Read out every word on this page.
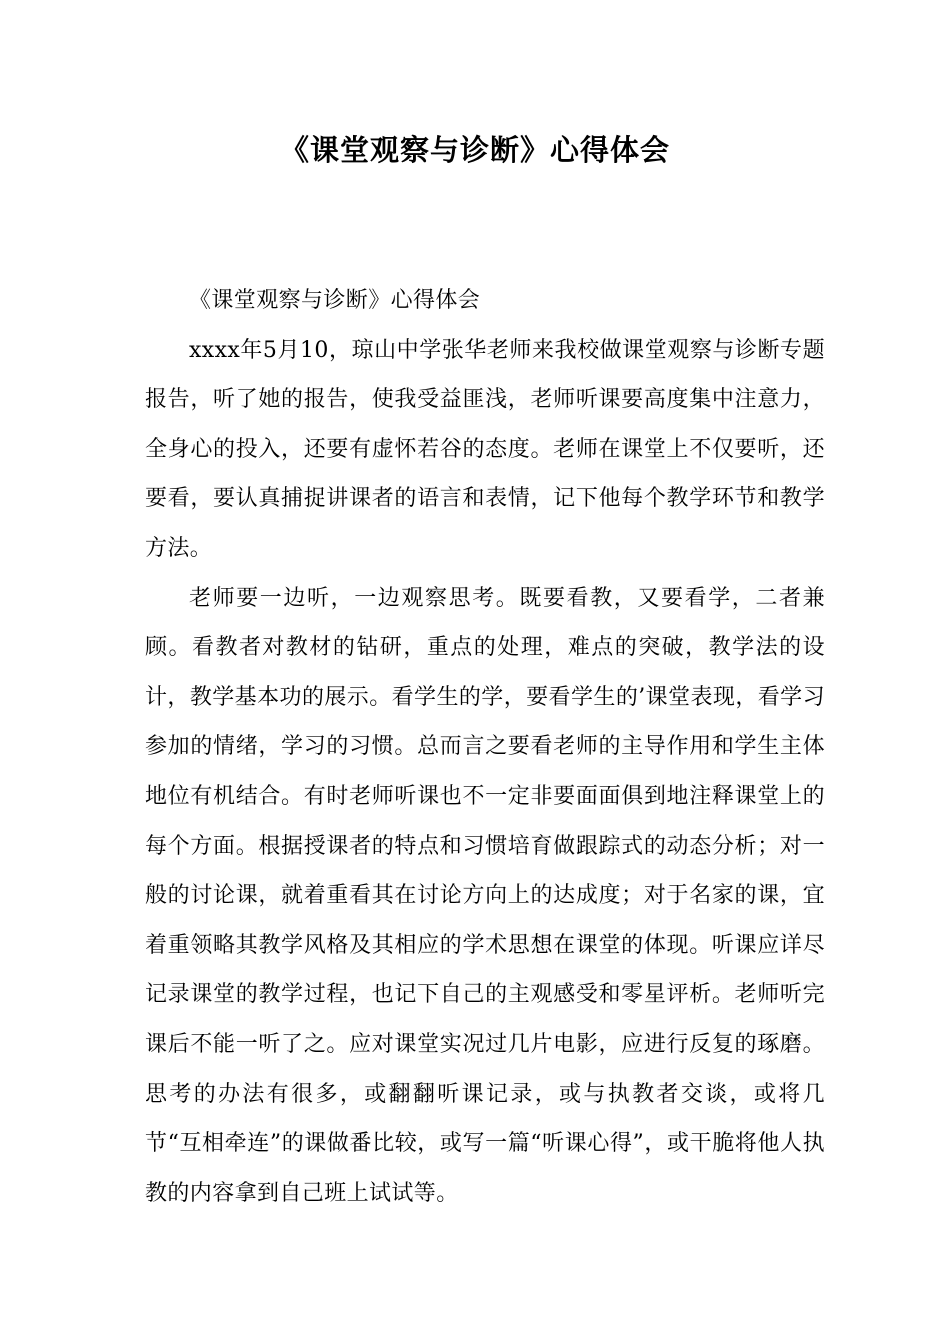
《课堂观察与诊断》心得体会

《课堂观察与诊断》心得体会

xxxx年5月10，琼山中学张华老师来我校做课堂观察与诊断专题报告，听了她的报告，使我受益匪浅，老师听课要高度集中注意力，全身心的投入，还要有虚怀若谷的态度。老师在课堂上不仅要听，还要看，要认真捕捉讲课者的语言和表情，记下他每个教学环节和教学方法。

老师要一边听，一边观察思考。既要看教，又要看学，二者兼顾。看教者对教材的钻研，重点的处理，难点的突破，教学法的设计，教学基本功的展示。看学生的学，要看学生的’课堂表现，看学习参加的情绪，学习的习惯。总而言之要看老师的主导作用和学生主体地位有机结合。有时老师听课也不一定非要面面俱到地注释课堂上的每个方面。根据授课者的特点和习惯培育做跟踪式的动态分析；对一般的讨论课，就着重看其在讨论方向上的达成度；对于名家的课，宜着重领略其教学风格及其相应的学术思想在课堂的体现。听课应详尽记录课堂的教学过程，也记下自己的主观感受和零星评析。老师听完课后不能一听了之。应对课堂实况过几片电影，应进行反复的琢磨。思考的办法有很多，或翻翻听课记录，或与执教者交谈，或将几节“互相牵连”的课做番比较，或写一篇“听课心得”，或干脆将他人执教的内容拿到自己班上试试等。
